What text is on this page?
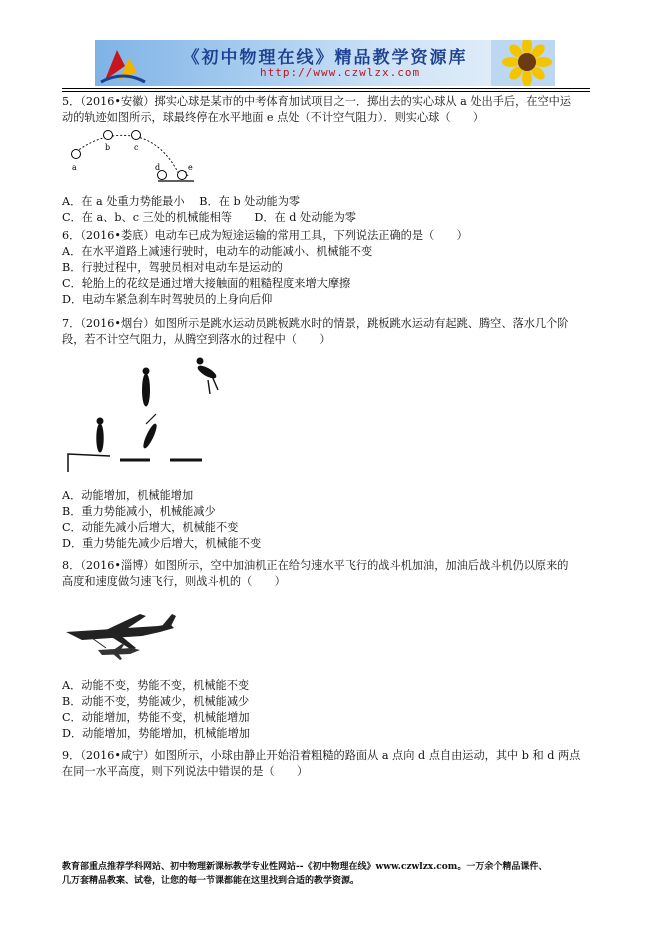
《初中物理在线》精品教学资源库
http://www.czwlzx.com
5．（2016•安徽）掷实心球是某市的中考体育加试项目之一．掷出去的实心球从 a 处出手后，在空中运
动的轨迹如图所示，球最终停在水平地面 e 点处（不计空气阻力）．则实心球（　　）
a
b	c
d	e
A．在 a 处重力势能最小　 B．在 b 处动能为零
C．在 a、b、c 三处的机械能相等　　D．在 d 处动能为零
6．（2016•娄底）电动车已成为短途运输的常用工具，下列说法正确的是（　　）
A．在水平道路上减速行驶时，电动车的动能减小、机械能不变
B．行驶过程中，驾驶员相对电动车是运动的
C．轮胎上的花纹是通过增大接触面的粗糙程度来增大摩擦
D．电动车紧急刹车时驾驶员的上身向后仰
7．（2016•烟台）如图所示是跳水运动员跳板跳水时的情景，跳板跳水运动有起跳、腾空、落水几个阶
段，若不计空气阻力，从腾空到落水的过程中（　　）
A．动能增加，机械能增加
B．重力势能减小，机械能减少
C．动能先减小后增大，机械能不变
D．重力势能先减少后增大，机械能不变
8．（2016•淄博）如图所示，空中加油机正在给匀速水平飞行的战斗机加油，加油后战斗机仍以原来的
高度和速度做匀速飞行，则战斗机的（　　）
A．动能不变，势能不变，机械能不变
B．动能不变，势能减少，机械能减少
C．动能增加，势能不变，机械能增加
D．动能增加，势能增加，机械能增加
9．（2016•咸宁）如图所示，小球由静止开始沿着粗糙的路面从 a 点向 d 点自由运动，其中 b 和 d 两点
在同一水平高度，则下列说法中错误的是（　　）
教育部重点推荐学科网站、初中物理新课标教学专业性网站--《初中物理在线》www.czwlzx.com。一万余个精品课件、
几万套精品教案、试卷，让您的每一节课都能在这里找到合适的教学资源。
